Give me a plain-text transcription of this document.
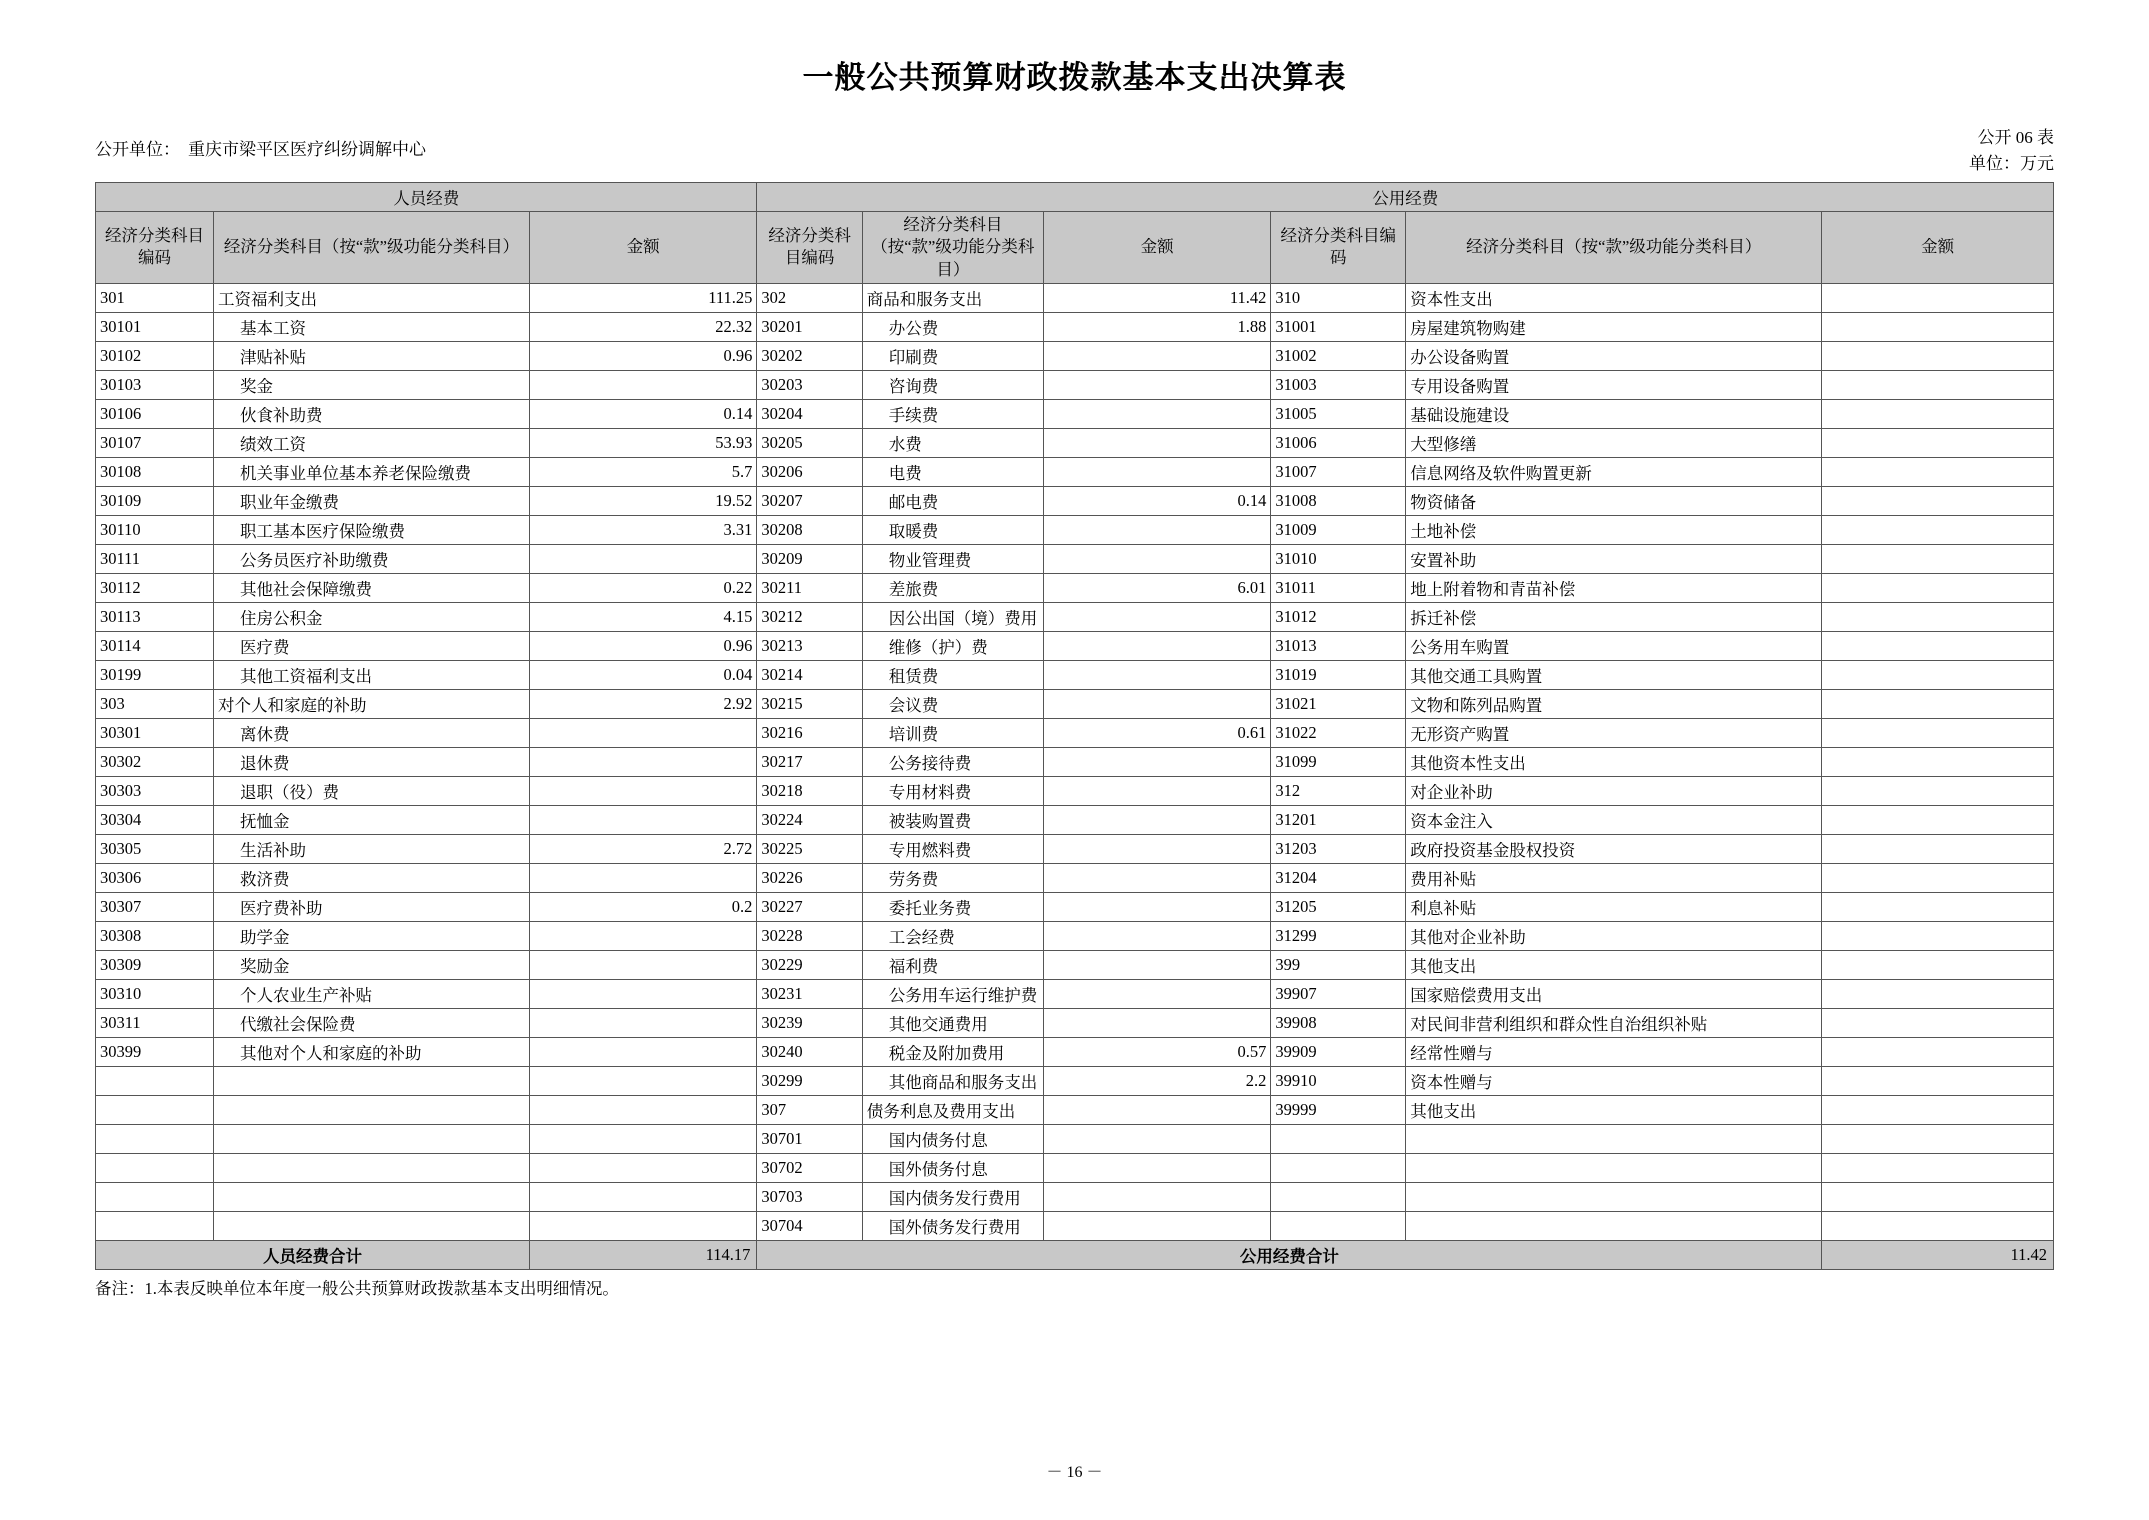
一般公共预算财政拨款基本支出决算表
公开 06 表
单位：万元
公开单位： 重庆市梁平区医疗纠纷调解中心
人员经费			公用经费					
经济分类科目编码	经济分类科目（按“款”级功能分类科目）	金额	经济分类科目编码	经济分类科目（按“款”级功能分类科目）	金额	经济分类科目编码	经济分类科目（按“款”级功能分类科目）	金额
301	工资福利支出	111.25	302	商品和服务支出	11.42	310	资本性支出	
30101	基本工资	22.32	30201	办公费	1.88	31001	房屋建筑物购建	
30102	津贴补贴	0.96	30202	印刷费		31002	办公设备购置	
30103	奖金		30203	咨询费		31003	专用设备购置	
30106	伙食补助费	0.14	30204	手续费		31005	基础设施建设	
30107	绩效工资	53.93	30205	水费		31006	大型修缮	
30108	机关事业单位基本养老保险缴费	5.7	30206	电费		31007	信息网络及软件购置更新	
30109	职业年金缴费	19.52	30207	邮电费	0.14	31008	物资储备	
30110	职工基本医疗保险缴费	3.31	30208	取暖费		31009	土地补偿	
30111	公务员医疗补助缴费		30209	物业管理费		31010	安置补助	
30112	其他社会保障缴费	0.22	30211	差旅费	6.01	31011	地上附着物和青苗补偿	
30113	住房公积金	4.15	30212	因公出国（境）费用		31012	拆迁补偿	
30114	医疗费	0.96	30213	维修（护）费		31013	公务用车购置	
30199	其他工资福利支出	0.04	30214	租赁费		31019	其他交通工具购置	
303	对个人和家庭的补助	2.92	30215	会议费		31021	文物和陈列品购置	
30301	离休费		30216	培训费	0.61	31022	无形资产购置	
30302	退休费		30217	公务接待费		31099	其他资本性支出	
30303	退职（役）费		30218	专用材料费		312	对企业补助	
30304	抚恤金		30224	被装购置费		31201	资本金注入	
30305	生活补助	2.72	30225	专用燃料费		31203	政府投资基金股权投资	
30306	救济费		30226	劳务费		31204	费用补贴	
30307	医疗费补助	0.2	30227	委托业务费		31205	利息补贴	
30308	助学金		30228	工会经费		31299	其他对企业补助	
30309	奖励金		30229	福利费		399	其他支出	
30310	个人农业生产补贴		30231	公务用车运行维护费		39907	国家赔偿费用支出	
30311	代缴社会保险费		30239	其他交通费用		39908	对民间非营利组织和群众性自治组织补贴	
30399	其他对个人和家庭的补助		30240	税金及附加费用	0.57	39909	经常性赠与	
			30299	其他商品和服务支出	2.2	39910	资本性赠与	
			307	债务利息及费用支出		39999	其他支出	
			30701	国内债务付息				
			30702	国外债务付息				
			30703	国内债务发行费用				
			30704	国外债务发行费用				
人员经费合计		114.17	公用经费合计					11.42
备注：1.本表反映单位本年度一般公共预算财政拨款基本支出明细情况。
－ 16 －
